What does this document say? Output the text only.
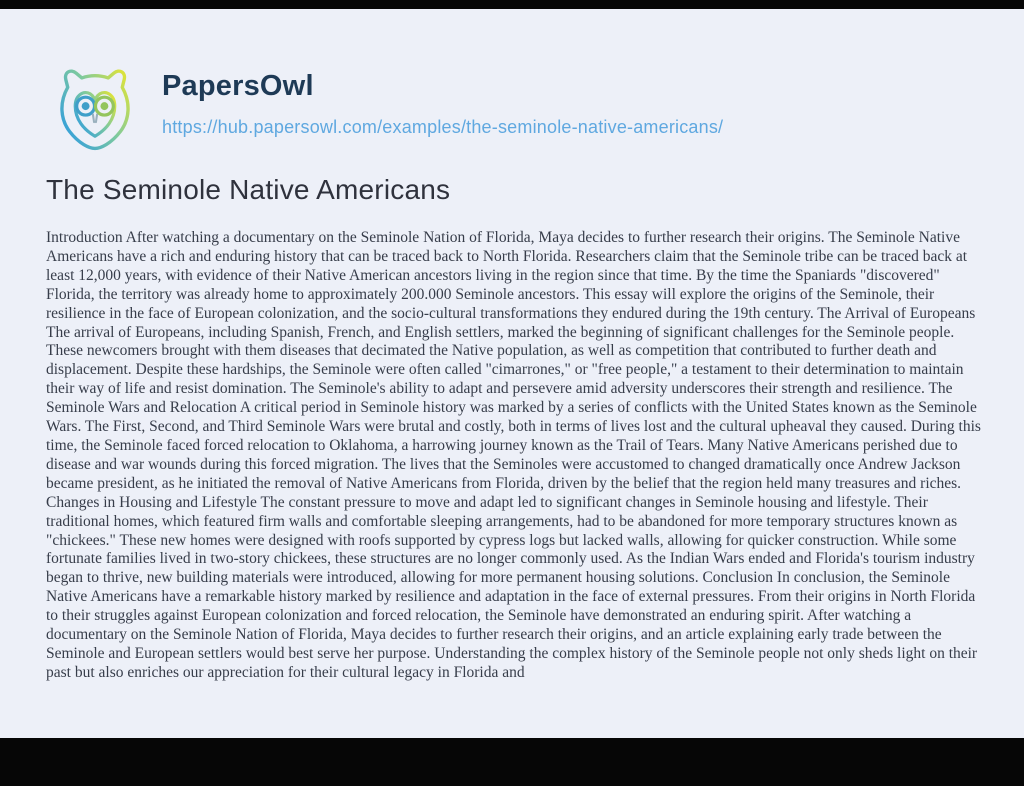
PapersOwl
https://hub.papersowl.com/examples/the-seminole-native-americans/
The Seminole Native Americans
Introduction After watching a documentary on the Seminole Nation of Florida, Maya decides to further research their origins. The Seminole Native Americans have a rich and enduring history that can be traced back to North Florida. Researchers claim that the Seminole tribe can be traced back at least 12,000 years, with evidence of their Native American ancestors living in the region since that time. By the time the Spaniards "discovered" Florida, the territory was already home to approximately 200.000 Seminole ancestors. This essay will explore the origins of the Seminole, their resilience in the face of European colonization, and the socio-cultural transformations they endured during the 19th century. The Arrival of Europeans The arrival of Europeans, including Spanish, French, and English settlers, marked the beginning of significant challenges for the Seminole people. These newcomers brought with them diseases that decimated the Native population, as well as competition that contributed to further death and displacement. Despite these hardships, the Seminole were often called "cimarrones," or "free people," a testament to their determination to maintain their way of life and resist domination. The Seminole's ability to adapt and persevere amid adversity underscores their strength and resilience. The Seminole Wars and Relocation A critical period in Seminole history was marked by a series of conflicts with the United States known as the Seminole Wars. The First, Second, and Third Seminole Wars were brutal and costly, both in terms of lives lost and the cultural upheaval they caused. During this time, the Seminole faced forced relocation to Oklahoma, a harrowing journey known as the Trail of Tears. Many Native Americans perished due to disease and war wounds during this forced migration. The lives that the Seminoles were accustomed to changed dramatically once Andrew Jackson became president, as he initiated the removal of Native Americans from Florida, driven by the belief that the region held many treasures and riches. Changes in Housing and Lifestyle The constant pressure to move and adapt led to significant changes in Seminole housing and lifestyle. Their traditional homes, which featured firm walls and comfortable sleeping arrangements, had to be abandoned for more temporary structures known as "chickees." These new homes were designed with roofs supported by cypress logs but lacked walls, allowing for quicker construction. While some fortunate families lived in two-story chickees, these structures are no longer commonly used. As the Indian Wars ended and Florida's tourism industry began to thrive, new building materials were introduced, allowing for more permanent housing solutions. Conclusion In conclusion, the Seminole Native Americans have a remarkable history marked by resilience and adaptation in the face of external pressures. From their origins in North Florida to their struggles against European colonization and forced relocation, the Seminole have demonstrated an enduring spirit. After watching a documentary on the Seminole Nation of Florida, Maya decides to further research their origins, and an article explaining early trade between the Seminole and European settlers would best serve her purpose. Understanding the complex history of the Seminole people not only sheds light on their past but also enriches our appreciation for their cultural legacy in Florida and
